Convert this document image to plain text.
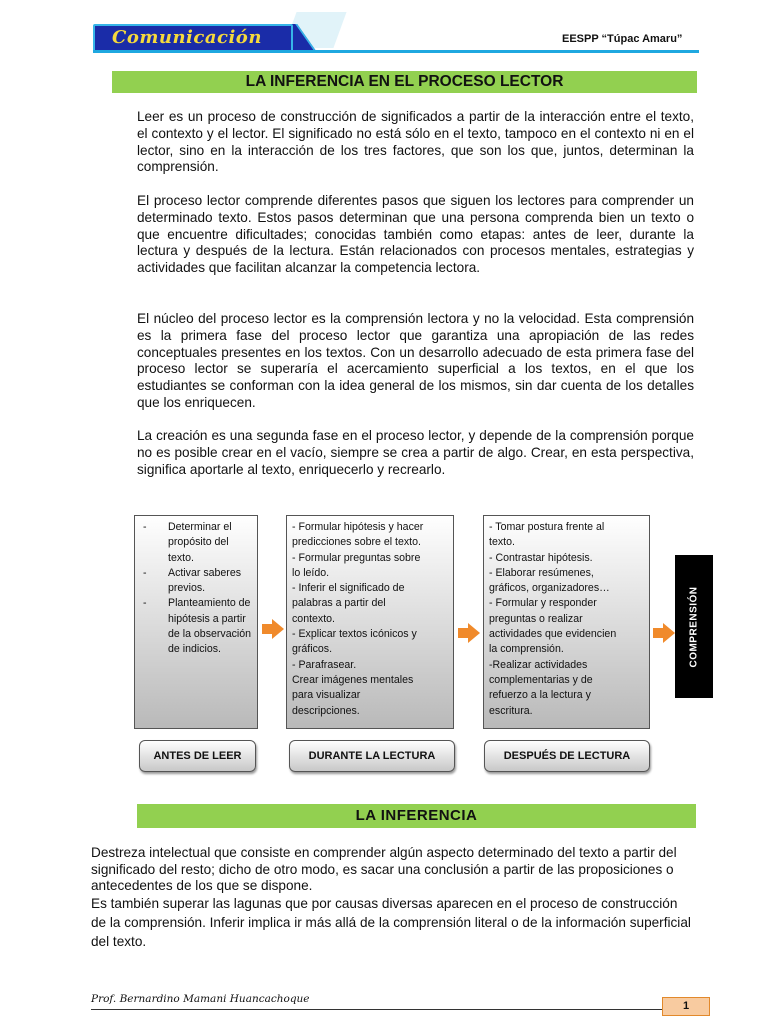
Comunicación	EESPP “Túpac Amaru”
LA INFERENCIA EN EL PROCESO LECTOR
Leer es un proceso de construcción de significados a partir de la interacción entre el texto, el contexto y el lector. El significado no está sólo en el texto, tampoco en el contexto ni en el lector, sino en la interacción de los tres factores, que son los que, juntos, determinan la comprensión.
El proceso lector comprende diferentes pasos que siguen los lectores para comprender un determinado texto. Estos pasos determinan que una persona comprenda bien un texto o que encuentre dificultades; conocidas también como etapas: antes de leer, durante la lectura y después de la lectura. Están relacionados con procesos mentales, estrategias y actividades que facilitan alcanzar la competencia lectora.
El núcleo del proceso lector es la comprensión lectora y no la velocidad. Esta comprensión es la primera fase del proceso lector que garantiza una apropiación de las redes conceptuales presentes en los textos. Con un desarrollo adecuado de esta primera fase del proceso lector se superaría el acercamiento superficial a los textos, en el que los estudiantes se conforman con la idea general de los mismos, sin dar cuenta de los detalles que los enriquecen.
La creación es una segunda fase en el proceso lector, y depende de la comprensión porque no es posible crear en el vacío, siempre se crea a partir de algo. Crear, en esta perspectiva, significa aportarle al texto, enriquecerlo y recrearlo.
-	Determinar el propósito del texto.
-	Activar saberes previos.
-	Planteamiento de hipótesis a partir de la observación de indicios.
- Formular hipótesis y hacer
predicciones sobre el texto.
- Formular preguntas sobre
lo leído.
- Inferir el significado de
palabras a partir del
contexto.
- Explicar textos icónicos y
gráficos.
- Parafrasear.
Crear imágenes mentales
para visualizar
descripciones.
- Tomar postura frente al
texto.
- Contrastar hipótesis.
- Elaborar resúmenes,
gráficos, organizadores…
- Formular y responder
preguntas o realizar
actividades que evidencien
la comprensión.
-Realizar actividades
complementarias y de
refuerzo a la lectura y
escritura.
COMPRENSIÓN
ANTES DE LEER	DURANTE LA LECTURA	DESPUÉS DE LECTURA
LA INFERENCIA
Destreza intelectual que consiste en comprender algún aspecto determinado del texto a partir del significado del resto; dicho de otro modo, es sacar una conclusión a partir de las proposiciones o antecedentes de los que se dispone.
Es también superar las lagunas que por causas diversas aparecen en el proceso de construcción de la comprensión. Inferir implica ir más allá de la comprensión literal o de la información superficial del texto.
Prof. Bernardino Mamani Huancachoque
1
